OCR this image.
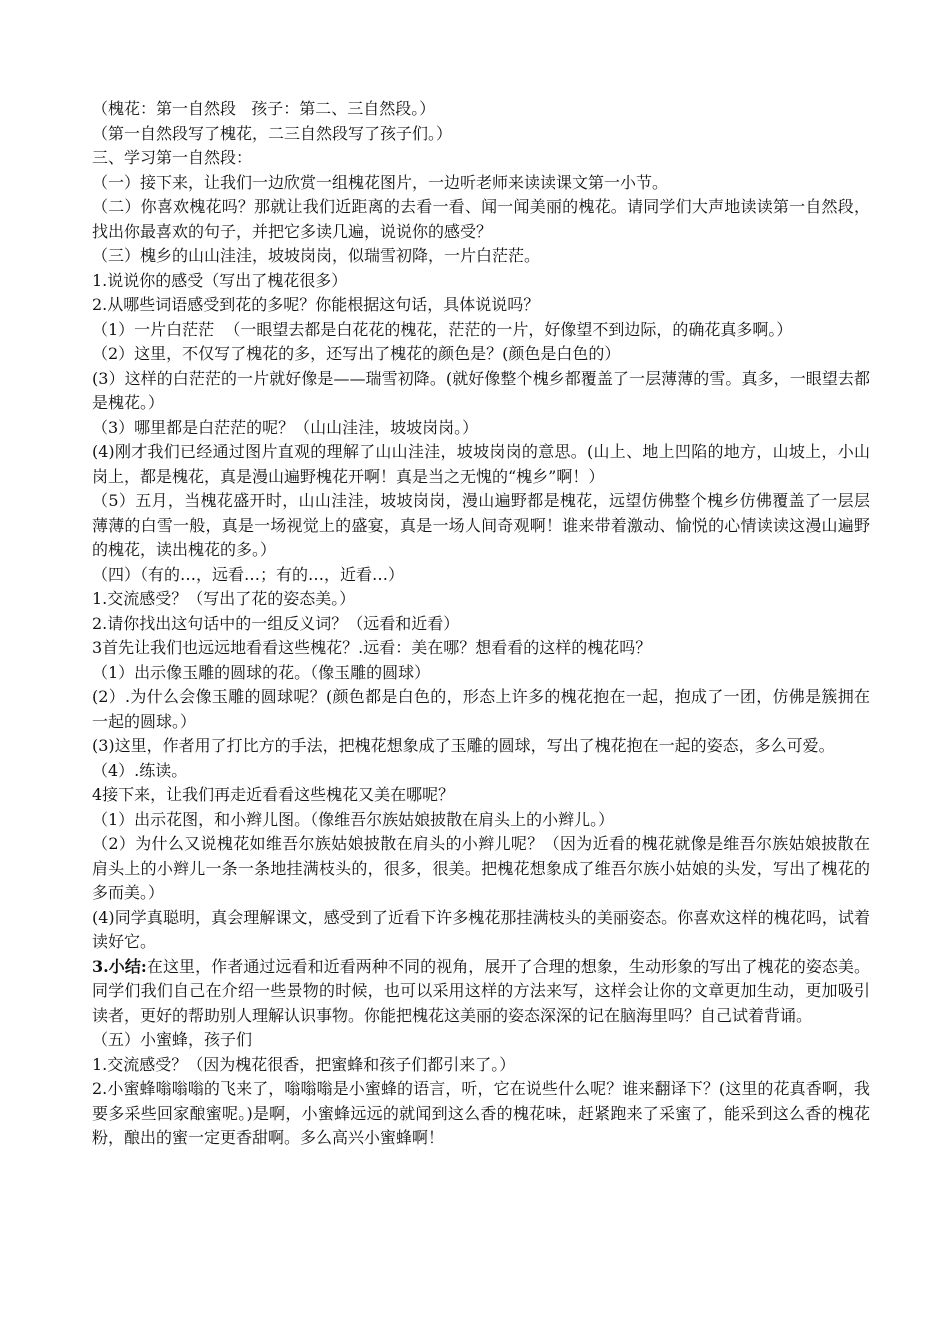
（槐花：第一自然段   孩子：第二、三自然段。）

（第一自然段写了槐花，二三自然段写了孩子们。）

三、学习第一自然段：

（一）接下来，让我们一边欣赏一组槐花图片，一边听老师来读读课文第一小节。

（二）你喜欢槐花吗？那就让我们近距离的去看一看、闻一闻美丽的槐花。请同学们大声地读读第一自然段，找出你最喜欢的句子，并把它多读几遍，说说你的感受？

（三）槐乡的山山洼洼，坡坡岗岗，似瑞雪初降，一片白茫茫。

1.说说你的感受（写出了槐花很多）

2.从哪些词语感受到花的多呢？你能根据这句话，具体说说吗？

（1）一片白茫茫  （一眼望去都是白花花的槐花，茫茫的一片，好像望不到边际，的确花真多啊。）

（2）这里，不仅写了槐花的多，还写出了槐花的颜色是？(颜色是白色的）

(3）这样的白茫茫的一片就好像是——瑞雪初降。(就好像整个槐乡都覆盖了一层薄薄的雪。真多，一眼望去都是槐花。）

（3）哪里都是白茫茫的呢？（山山洼洼，坡坡岗岗。）

(4)刚才我们已经通过图片直观的理解了山山洼洼，坡坡岗岗的意思。(山上、地上凹陷的地方，山坡上，小山岗上，都是槐花，真是漫山遍野槐花开啊！真是当之无愧的“槐乡”啊！）

（5）五月，当槐花盛开时，山山洼洼，坡坡岗岗，漫山遍野都是槐花，远望仿佛整个槐乡仿佛覆盖了一层层薄薄的白雪一般，真是一场视觉上的盛宴，真是一场人间奇观啊！谁来带着激动、愉悦的心情读读这漫山遍野的槐花，读出槐花的多。）

（四）（有的…，远看…；有的…，近看…）

1.交流感受？（写出了花的姿态美。）

2.请你找出这句话中的一组反义词？（远看和近看）

3首先让我们也远远地看看这些槐花？.远看：美在哪？想看看的这样的槐花吗？

（1）出示像玉雕的圆球的花。（像玉雕的圆球）

(2）.为什么会像玉雕的圆球呢？(颜色都是白色的，形态上许多的槐花抱在一起，抱成了一团，仿佛是簇拥在一起的圆球。）

(3)这里，作者用了打比方的手法，把槐花想象成了玉雕的圆球，写出了槐花抱在一起的姿态，多么可爱。

（4）.练读。

4接下来，让我们再走近看看这些槐花又美在哪呢？

（1）出示花图，和小辫儿图。（像维吾尔族姑娘披散在肩头上的小辫儿。）

（2）为什么又说槐花如维吾尔族姑娘披散在肩头的小辫儿呢？（因为近看的槐花就像是维吾尔族姑娘披散在肩头上的小辫儿一条一条地挂满枝头的，很多，很美。把槐花想象成了维吾尔族小姑娘的头发，写出了槐花的多而美。）

(4)同学真聪明，真会理解课文，感受到了近看下许多槐花那挂满枝头的美丽姿态。你喜欢这样的槐花吗，试着读好它。

3.小结:在这里，作者通过远看和近看两种不同的视角，展开了合理的想象，生动形象的写出了槐花的姿态美。同学们我们自己在介绍一些景物的时候，也可以采用这样的方法来写，这样会让你的文章更加生动，更加吸引读者，更好的帮助别人理解认识事物。你能把槐花这美丽的姿态深深的记在脑海里吗？自己试着背诵。

（五）小蜜蜂，孩子们

1.交流感受？（因为槐花很香，把蜜蜂和孩子们都引来了。）

2.小蜜蜂嗡嗡嗡的飞来了，嗡嗡嗡是小蜜蜂的语言，听，它在说些什么呢？谁来翻译下？(这里的花真香啊，我要多采些回家酿蜜呢。)是啊，小蜜蜂远远的就闻到这么香的槐花味，赶紧跑来了采蜜了，能采到这么香的槐花粉，酿出的蜜一定更香甜啊。多么高兴小蜜蜂啊！
